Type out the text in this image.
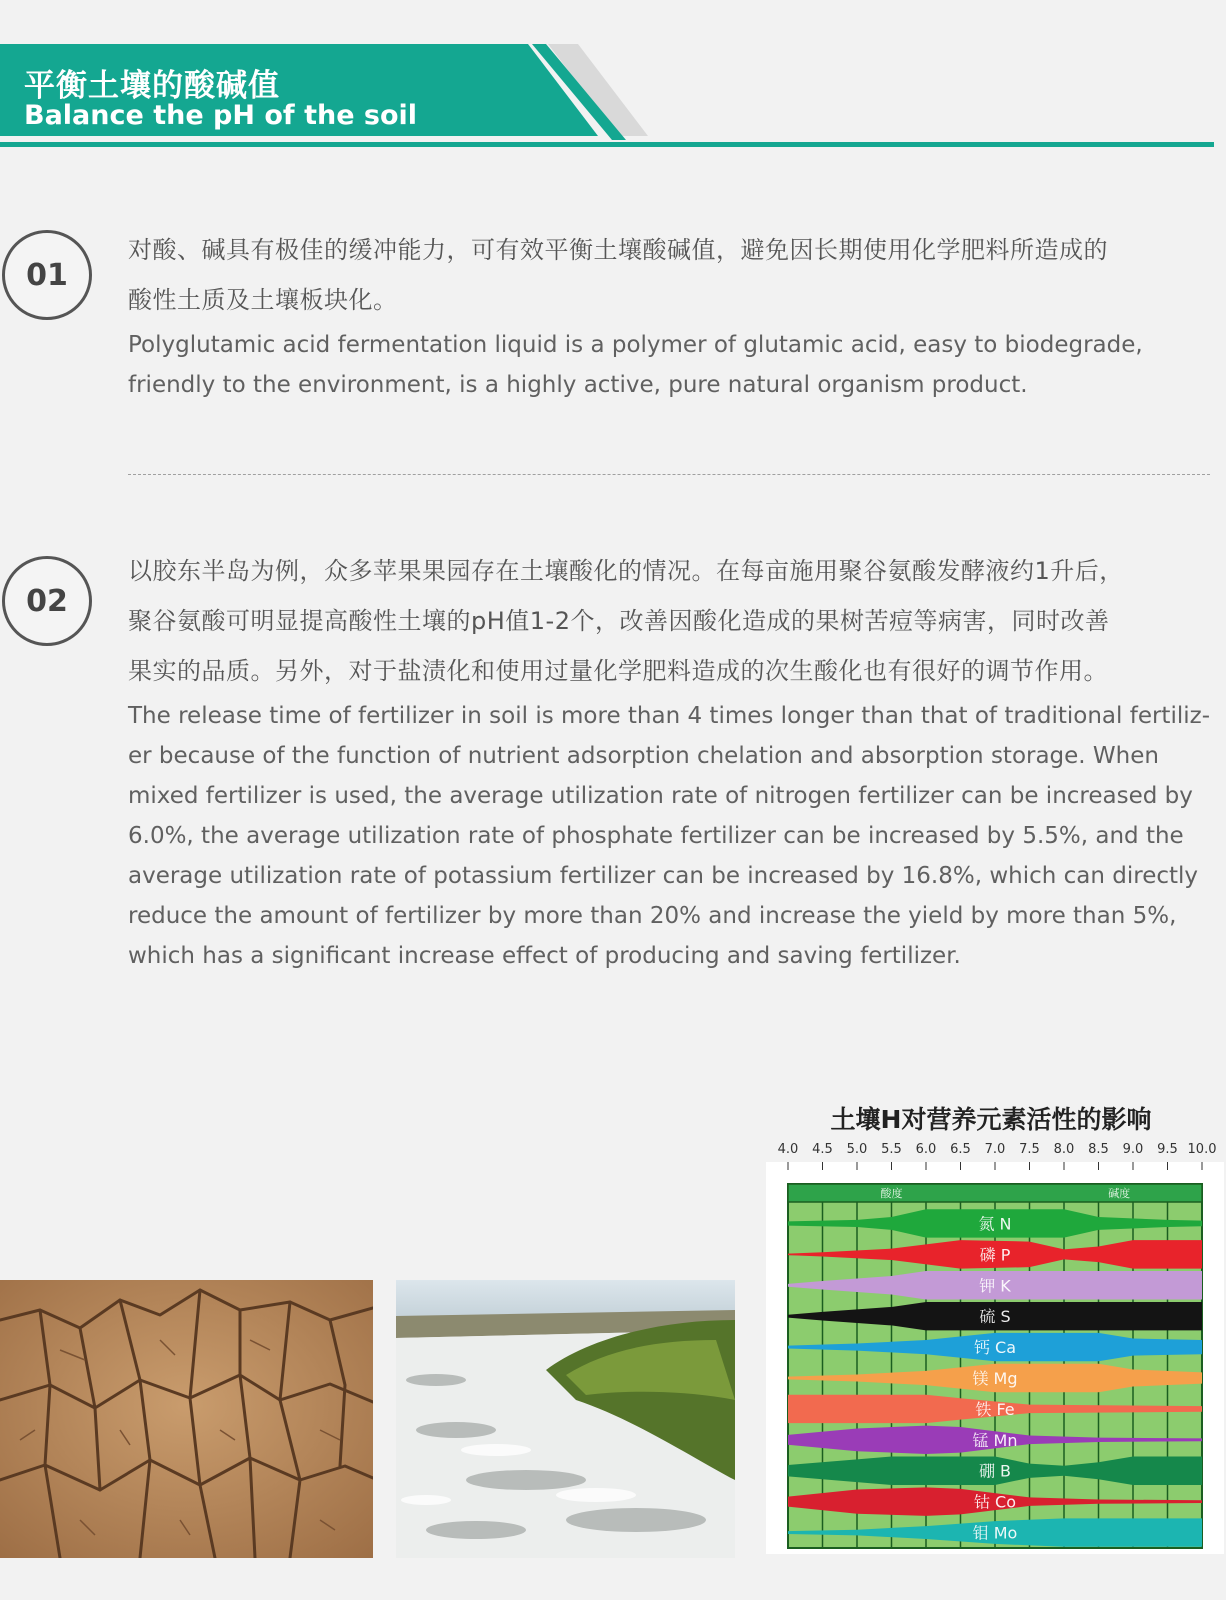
平衡土壤的酸碱值
Balance the pH of the soil
01

对酸、碱具有极佳的缓冲能力，可有效平衡土壤酸碱值，避免因长期使用化学肥料所造成的

酸性土质及土壤板块化。

Polyglutamic acid fermentation liquid is a polymer of glutamic acid, easy to biodegrade,

friendly to the environment, is a highly active, pure natural organism product.

02

以胶东半岛为例，众多苹果果园存在土壤酸化的情况。在每亩施用聚谷氨酸发酵液约1升后，

聚谷氨酸可明显提高酸性土壤的pH值1-2个，改善因酸化造成的果树苦痘等病害，同时改善

果实的品质。另外，对于盐渍化和使用过量化学肥料造成的次生酸化也有很好的调节作用。

The release time of fertilizer in soil is more than 4 times longer than that of traditional fertiliz-

er because of the function of nutrient adsorption chelation and absorption storage. When

mixed fertilizer is used, the average utilization rate of nitrogen fertilizer can be increased by

6.0%, the average utilization rate of phosphate fertilizer can be increased by 5.5%, and the

average utilization rate of potassium fertilizer can be increased by 16.8%, which can directly

reduce the amount of fertilizer by more than 20% and increase the yield by more than 5%,

which has a significant increase effect of producing and saving fertilizer.

土壤H对营养元素活性的影响
4.0 4.5 5.0 5.5 6.0 6.5 7.0 7.5 8.0 8.5 9.0 9.5 10.0
酸度	碱度
氮 N
磷 P
钾 K
硫 S
钙 Ca
镁 Mg
铁 Fe
锰 Mn
硼 B
钴 Co
钼 Mo
